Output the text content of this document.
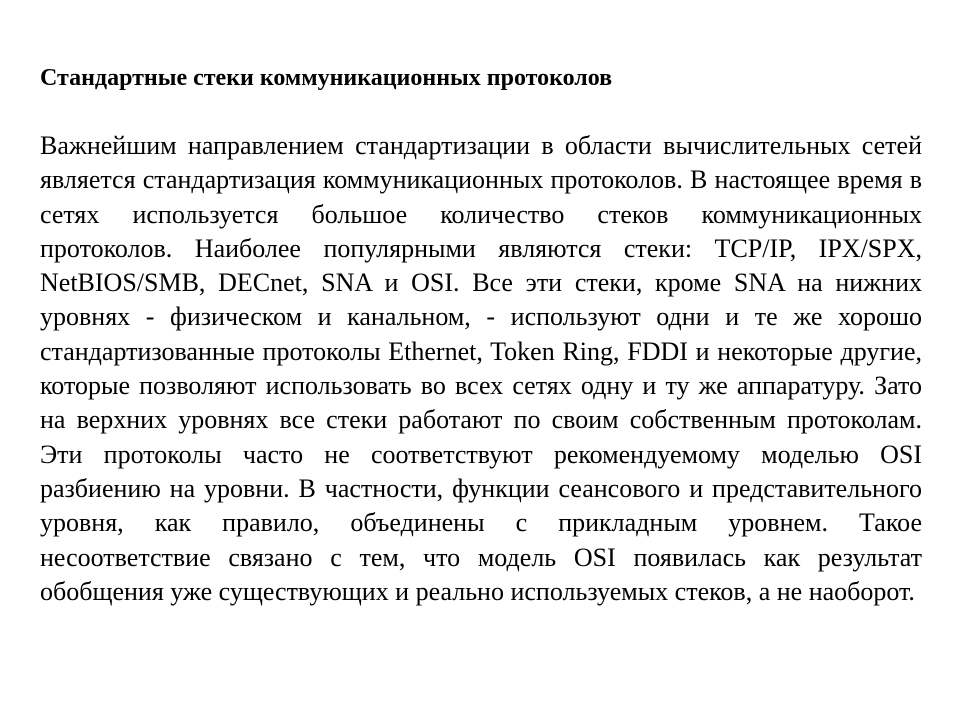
Стандартные стеки коммуникационных протоколов

Важнейшим направлением стандартизации в области вычислительных сетей является стандартизация коммуникационных протоколов. В настоящее время в сетях используется большое количество стеков коммуникационных протоколов. Наиболее популярными являются стеки: TCP/IP, IPX/SPX, NetBIOS/SMB, DECnet, SNA и OSI. Все эти стеки, кроме SNA на нижних уровнях - физическом и канальном, - используют одни и те же хорошо стандартизованные протоколы Ethernet, Token Ring, FDDI и некоторые другие, которые позволяют использовать во всех сетях одну и ту же аппаратуру. Зато на верхних уровнях все стеки работают по своим собственным протоколам. Эти протоколы часто не соответствуют рекомендуемому моделью OSI разбиению на уровни. В частности, функции сеансового и представительного уровня, как правило, объединены с прикладным уровнем. Такое несоответствие связано с тем, что модель OSI появилась как результат обобщения уже существующих и реально используемых стеков, а не наоборот.
